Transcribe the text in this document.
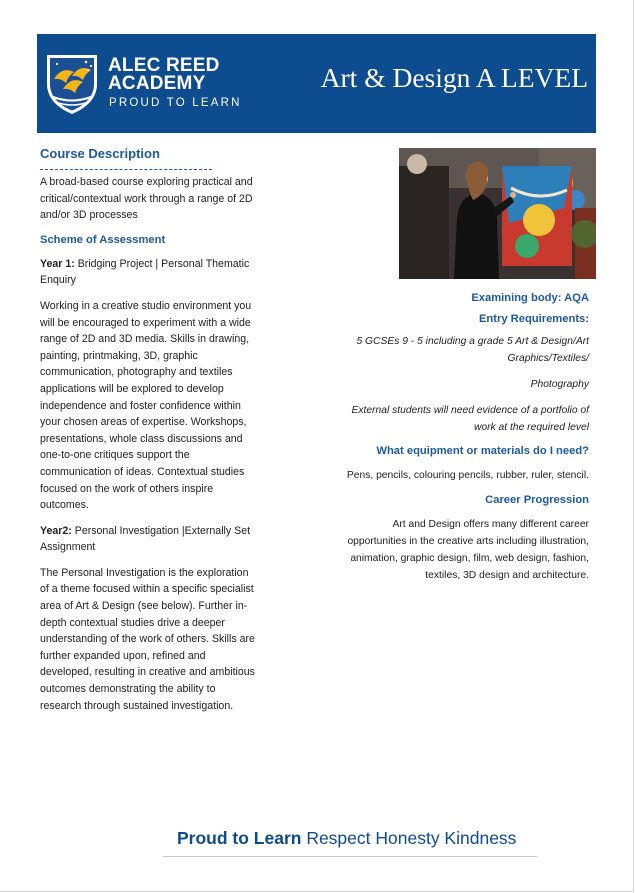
ALEC REED
ACADEMY
PROUD TO LEARN
Art & Design A LEVEL
Course Description

A broad-based course exploring practical and critical/contextual work through a range of 2D and/or 3D processes

Scheme of Assessment

Year 1: Bridging Project | Personal Thematic Enquiry

Working in a creative studio environment you will be encouraged to experiment with a wide range of 2D and 3D media. Skills in drawing, painting, printmaking, 3D, graphic communication, photography and textiles applications will be explored to develop independence and foster confidence within your chosen areas of expertise. Workshops, presentations, whole class discussions and one-to-one critiques support the communication of ideas. Contextual studies focused on the work of others inspire outcomes.

Year2: Personal Investigation |Externally Set Assignment

The Personal Investigation is the exploration of a theme focused within a specific specialist area of Art & Design (see below). Further in-depth contextual studies drive a deeper understanding of the work of others. Skills are further expanded upon, refined and developed, resulting in creative and ambitious outcomes demonstrating the ability to research through sustained investigation.

Examining body: AQA
Entry Requirements:

5 GCSEs 9 - 5 including a grade 5 Art & Design/Art Graphics/Textiles/

Photography

External students will need evidence of a portfolio of work at the required level

What equipment or materials do I need?

Pens, pencils, colouring pencils, rubber, ruler, stencil.

Career Progression

Art and Design offers many different career opportunities in the creative arts including illustration, animation, graphic design, film, web design, fashion, textiles, 3D design and architecture.

Proud to Learn Respect Honesty Kindness
